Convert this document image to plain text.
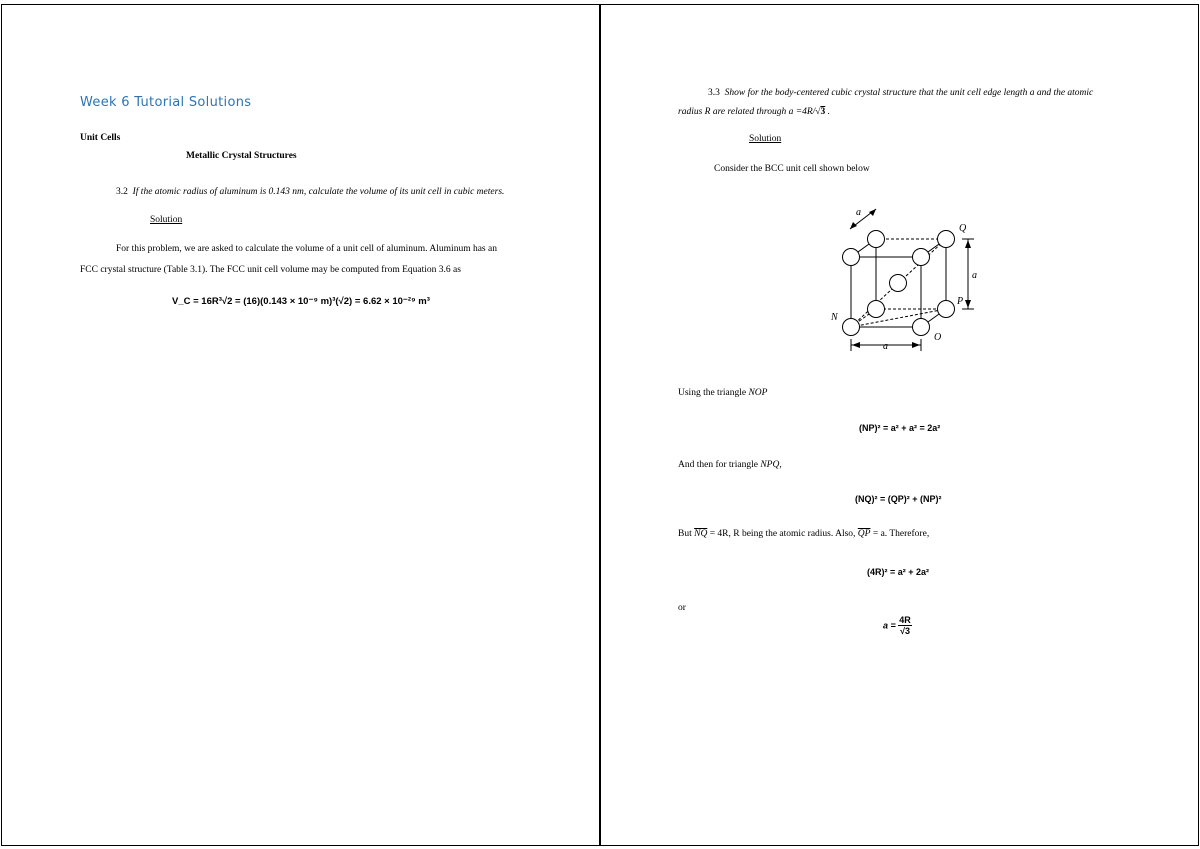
Week 6 Tutorial Solutions
Unit Cells
Metallic Crystal Structures
3.2 If the atomic radius of aluminum is 0.143 nm, calculate the volume of its unit cell in cubic meters.
Solution
For this problem, we are asked to calculate the volume of a unit cell of aluminum. Aluminum has an
FCC crystal structure (Table 3.1). The FCC unit cell volume may be computed from Equation 3.6 as
V_C = 16R³√2 = (16)(0.143 × 10⁻⁹ m)³(√2) = 6.62 × 10⁻²⁹ m³
3.3 Show for the body-centered cubic crystal structure that the unit cell edge length a and the atomic
radius R are related through a =4R/√3 .
Solution
Consider the BCC unit cell shown below
a
a
a
Q
P
N
O
Using the triangle NOP
(NP)² = a² + a² = 2a²
And then for triangle NPQ,
(NQ)² = (QP)² + (NP)²
But $\overline{NQ} = 4R$, R being the atomic radius. Also, $\overline{QP} = a$. Therefore,
(4R)² = a² + 2a²
or
$a = \frac{4R}{√3}$
